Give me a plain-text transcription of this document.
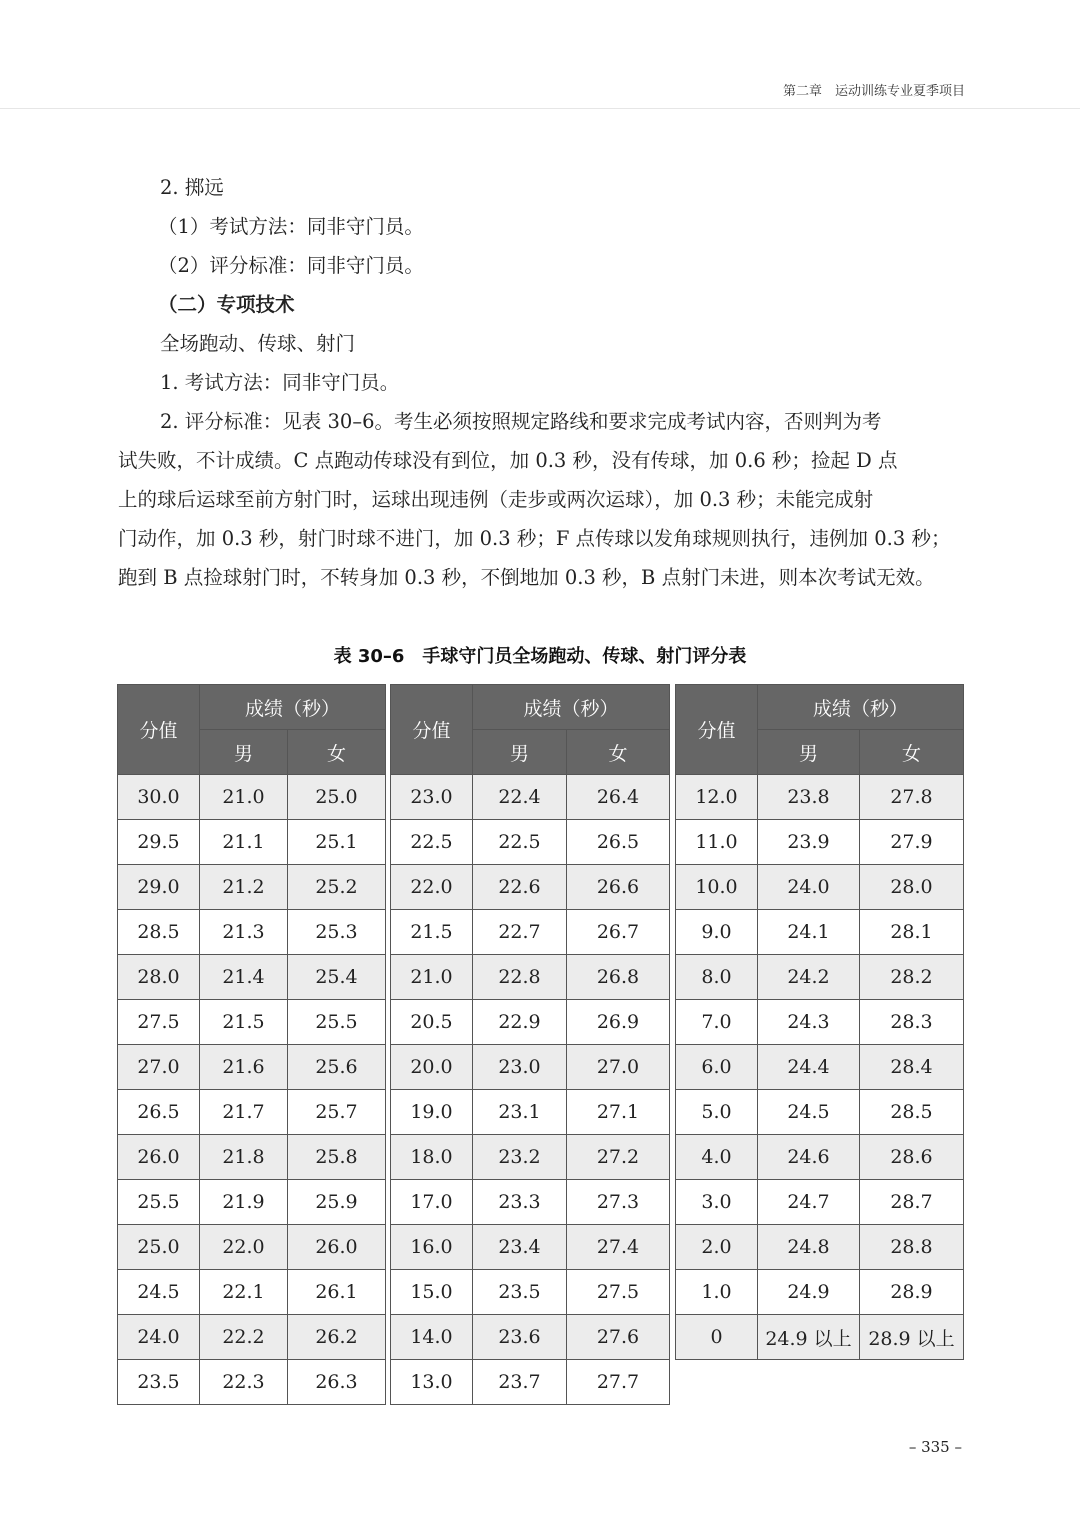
第二章　运动训练专业夏季项目

2. 掷远

（1）考试方法：同非守门员。

（2）评分标准：同非守门员。

（二）专项技术

全场跑动、传球、射门

1. 考试方法：同非守门员。

2. 评分标准：见表 30–6。考生必须按照规定路线和要求完成考试内容，否则判为考

试失败，不计成绩。C 点跑动传球没有到位，加 0.3 秒，没有传球，加 0.6 秒；捡起 D 点

上的球后运球至前方射门时，运球出现违例（走步或两次运球），加 0.3 秒；未能完成射

门动作，加 0.3 秒，射门时球不进门，加 0.3 秒；F 点传球以发角球规则执行，违例加 0.3 秒；

跑到 B 点捡球射门时，不转身加 0.3 秒，不倒地加 0.3 秒，B 点射门未进，则本次考试无效。

表 30–6　手球守门员全场跑动、传球、射门评分表
分值	成绩（秒）	
	男	女
30.0	21.0	25.0
29.5	21.1	25.1
29.0	21.2	25.2
28.5	21.3	25.3
28.0	21.4	25.4
27.5	21.5	25.5
27.0	21.6	25.6
26.5	21.7	25.7
26.0	21.8	25.8
25.5	21.9	25.9
25.0	22.0	26.0
24.5	22.1	26.1
24.0	22.2	26.2
23.5	22.3	26.3
分值	成绩（秒）	
	男	女
23.0	22.4	26.4
22.5	22.5	26.5
22.0	22.6	26.6
21.5	22.7	26.7
21.0	22.8	26.8
20.5	22.9	26.9
20.0	23.0	27.0
19.0	23.1	27.1
18.0	23.2	27.2
17.0	23.3	27.3
16.0	23.4	27.4
15.0	23.5	27.5
14.0	23.6	27.6
13.0	23.7	27.7
分值	成绩（秒）	
	男	女
12.0	23.8	27.8
11.0	23.9	27.9
10.0	24.0	28.0
9.0	24.1	28.1
8.0	24.2	28.2
7.0	24.3	28.3
6.0	24.4	28.4
5.0	24.5	28.5
4.0	24.6	28.6
3.0	24.7	28.7
2.0	24.8	28.8
1.0	24.9	28.9
0	24.9 以上	28.9 以上
– 335 –
